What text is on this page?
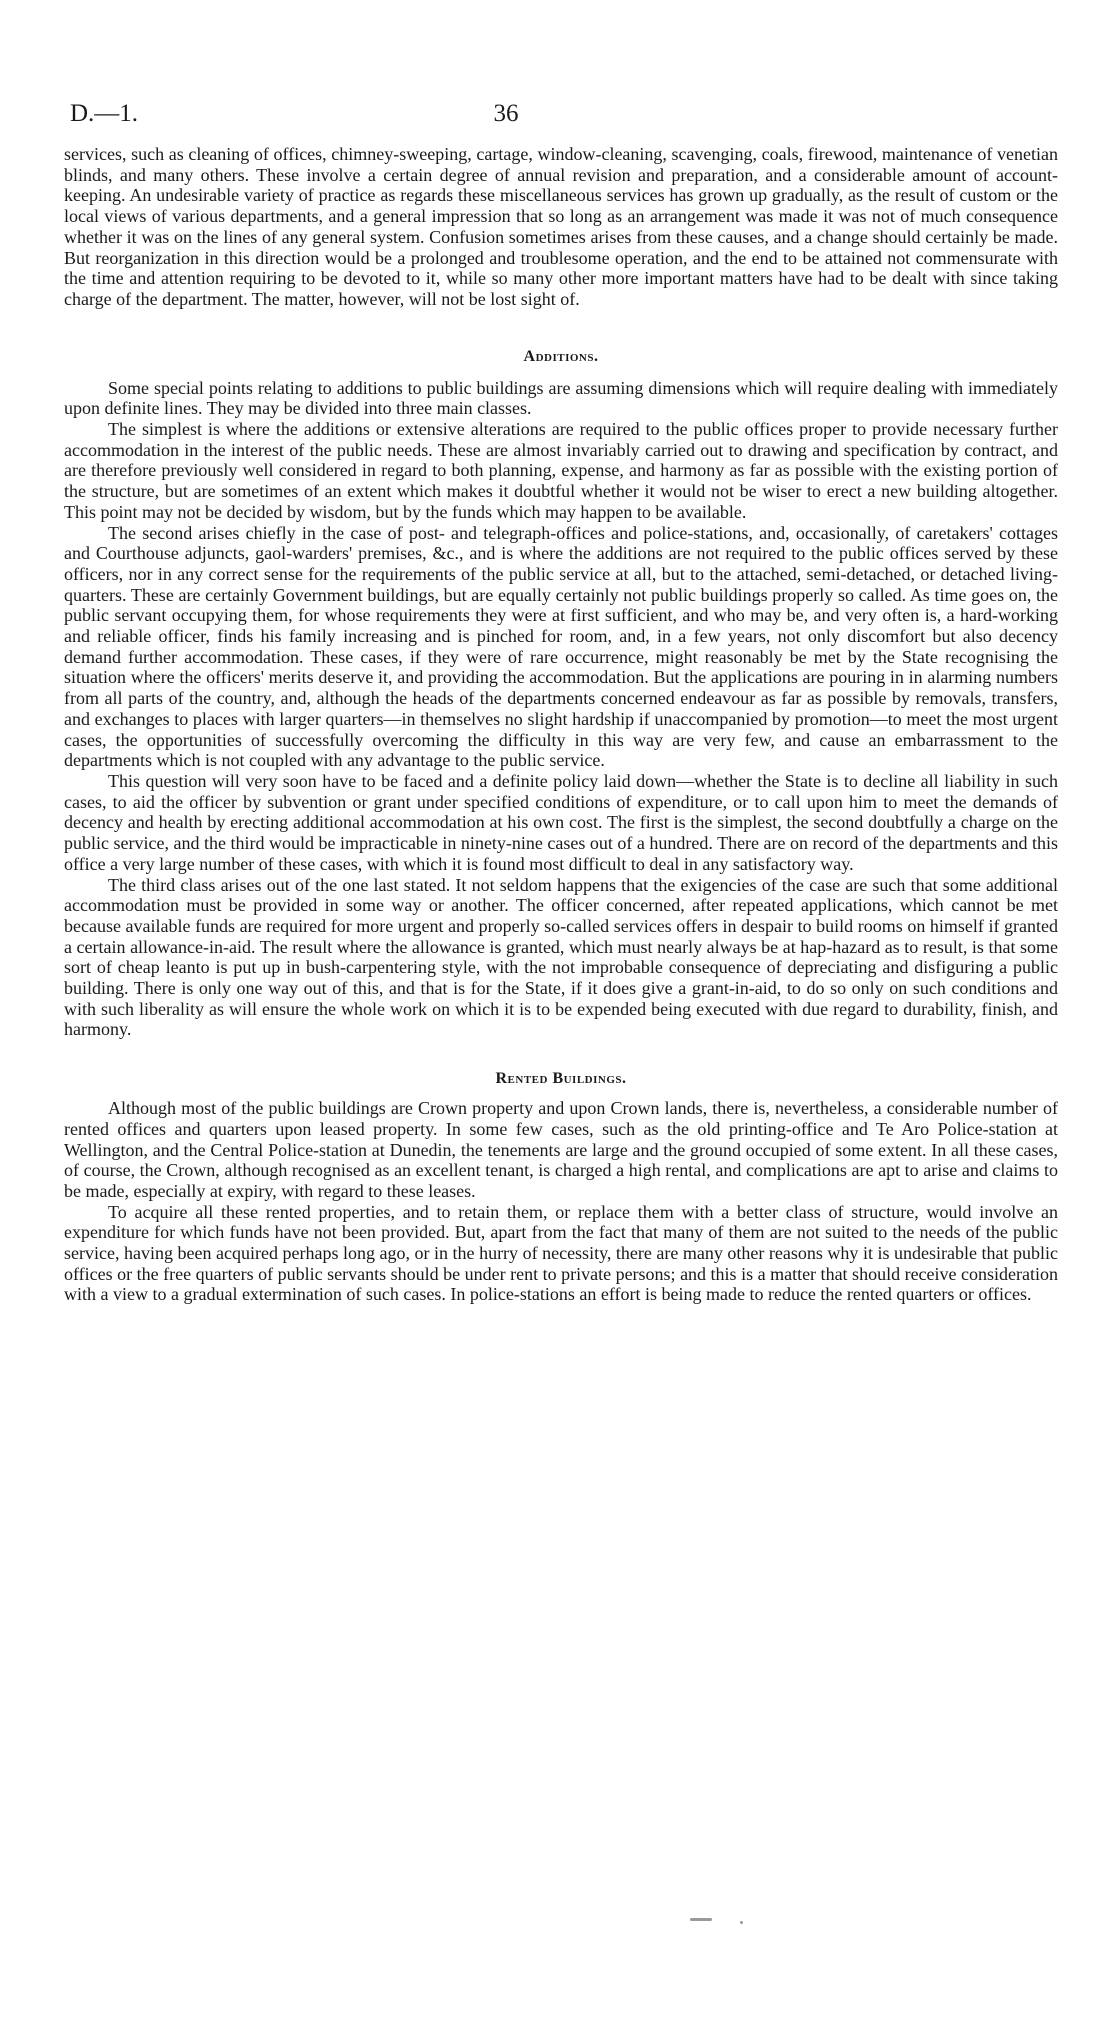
D.—1.	36

services, such as cleaning of offices, chimney-sweeping, cartage, window-cleaning, scavenging, coals, firewood, maintenance of venetian blinds, and many others. These involve a certain degree of annual revision and preparation, and a considerable amount of account-keeping. An undesirable variety of practice as regards these miscellaneous services has grown up gradually, as the result of custom or the local views of various departments, and a general impression that so long as an arrangement was made it was not of much consequence whether it was on the lines of any general system. Confusion sometimes arises from these causes, and a change should certainly be made. But reorganization in this direction would be a prolonged and troublesome operation, and the end to be attained not commensurate with the time and attention requiring to be devoted to it, while so many other more important matters have had to be dealt with since taking charge of the department. The matter, however, will not be lost sight of.

Additions.

Some special points relating to additions to public buildings are assuming dimensions which will require dealing with immediately upon definite lines. They may be divided into three main classes.

The simplest is where the additions or extensive alterations are required to the public offices proper to provide necessary further accommodation in the interest of the public needs. These are almost invariably carried out to drawing and specification by contract, and are therefore previously well considered in regard to both planning, expense, and harmony as far as possible with the existing portion of the structure, but are sometimes of an extent which makes it doubtful whether it would not be wiser to erect a new building altogether. This point may not be decided by wisdom, but by the funds which may happen to be available.

The second arises chiefly in the case of post- and telegraph-offices and police-stations, and, occasionally, of caretakers' cottages and Courthouse adjuncts, gaol-warders' premises, &c., and is where the additions are not required to the public offices served by these officers, nor in any correct sense for the requirements of the public service at all, but to the attached, semi-detached, or detached living-quarters. These are certainly Government buildings, but are equally certainly not public buildings properly so called. As time goes on, the public servant occupying them, for whose requirements they were at first sufficient, and who may be, and very often is, a hard-working and reliable officer, finds his family increasing and is pinched for room, and, in a few years, not only discomfort but also decency demand further accommodation. These cases, if they were of rare occurrence, might reasonably be met by the State recognising the situation where the officers' merits deserve it, and providing the accommodation. But the applications are pouring in in alarming numbers from all parts of the country, and, although the heads of the departments concerned endeavour as far as possible by removals, transfers, and exchanges to places with larger quarters—in themselves no slight hardship if unaccompanied by promotion—to meet the most urgent cases, the opportunities of successfully overcoming the difficulty in this way are very few, and cause an embarrassment to the departments which is not coupled with any advantage to the public service.

This question will very soon have to be faced and a definite policy laid down—whether the State is to decline all liability in such cases, to aid the officer by subvention or grant under specified conditions of expenditure, or to call upon him to meet the demands of decency and health by erecting additional accommodation at his own cost. The first is the simplest, the second doubtfully a charge on the public service, and the third would be impracticable in ninety-nine cases out of a hundred. There are on record of the departments and this office a very large number of these cases, with which it is found most difficult to deal in any satisfactory way.

The third class arises out of the one last stated. It not seldom happens that the exigencies of the case are such that some additional accommodation must be provided in some way or another. The officer concerned, after repeated applications, which cannot be met because available funds are required for more urgent and properly so-called services offers in despair to build rooms on himself if granted a certain allowance-in-aid. The result where the allowance is granted, which must nearly always be at hap-hazard as to result, is that some sort of cheap leanto is put up in bush-carpentering style, with the not improbable consequence of depreciating and disfiguring a public building. There is only one way out of this, and that is for the State, if it does give a grant-in-aid, to do so only on such conditions and with such liberality as will ensure the whole work on which it is to be expended being executed with due regard to durability, finish, and harmony.

Rented Buildings.

Although most of the public buildings are Crown property and upon Crown lands, there is, nevertheless, a considerable number of rented offices and quarters upon leased property. In some few cases, such as the old printing-office and Te Aro Police-station at Wellington, and the Central Police-station at Dunedin, the tenements are large and the ground occupied of some extent. In all these cases, of course, the Crown, although recognised as an excellent tenant, is charged a high rental, and complications are apt to arise and claims to be made, especially at expiry, with regard to these leases.

To acquire all these rented properties, and to retain them, or replace them with a better class of structure, would involve an expenditure for which funds have not been provided. But, apart from the fact that many of them are not suited to the needs of the public service, having been acquired perhaps long ago, or in the hurry of necessity, there are many other reasons why it is undesirable that public offices or the free quarters of public servants should be under rent to private persons; and this is a matter that should receive consideration with a view to a gradual extermination of such cases. In police-stations an effort is being made to reduce the rented quarters or offices.
